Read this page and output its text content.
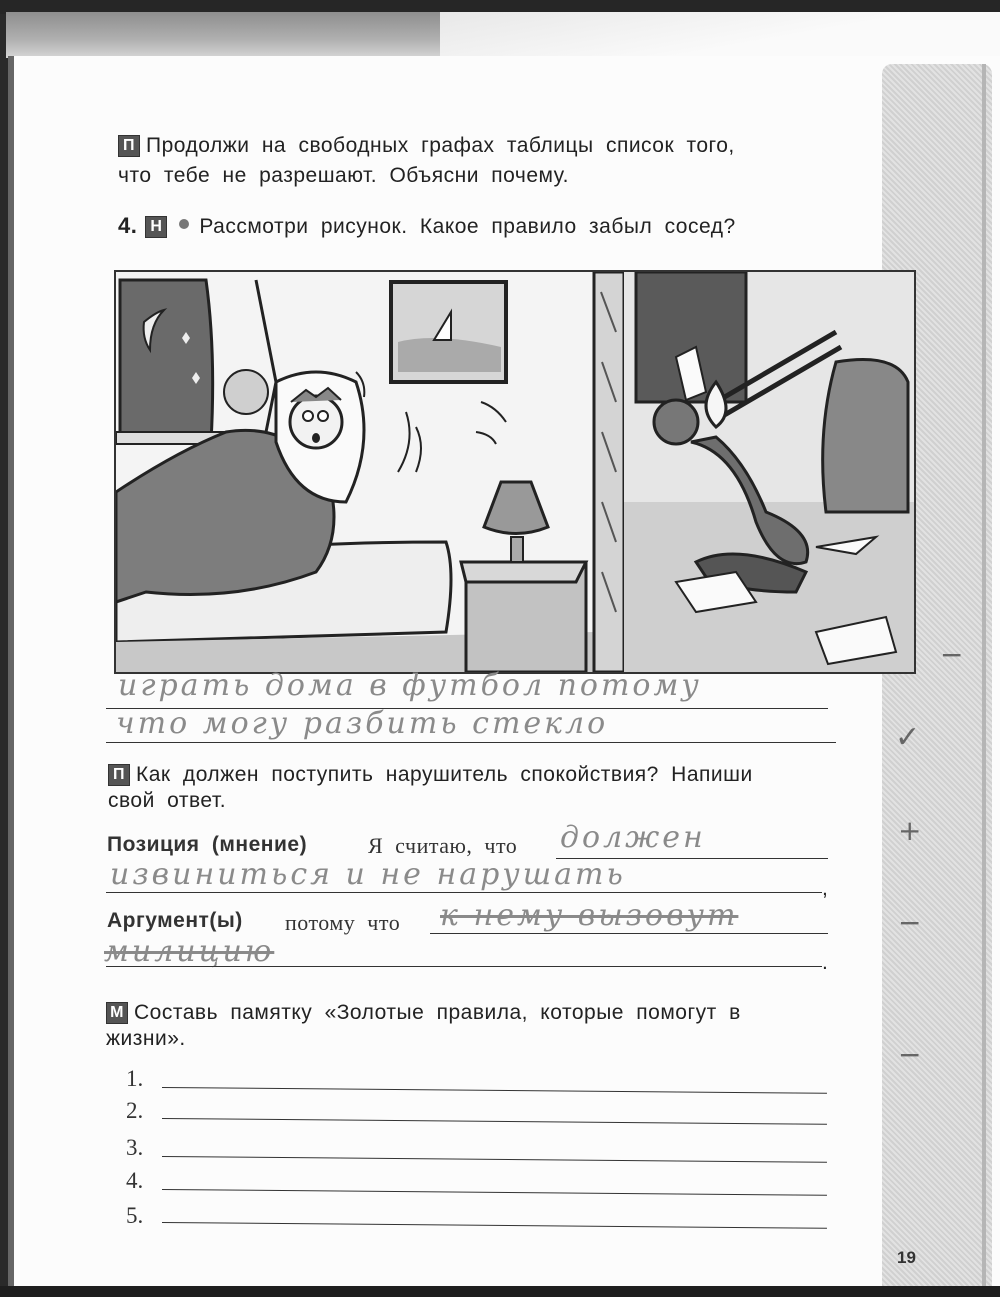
П Продолжи на свободных графах таблицы список того,
что тебе не разрешают. Объясни почему.
4. Н Рассмотри рисунок. Какое правило забыл сосед?
играть дома в футбол потому
что могу разбить стекло
П Как должен поступить нарушитель спокойствия? Напиши
свой ответ.
Позиция (мнение)	Я считаю, что должен
извиниться и не нарушать	,
Аргумент(ы) потому что к нему вызовут
милицию	.
М Составь памятку «Золотые правила, которые помогут в
жизни».
1.
2.
3.
4.
5.
−
✓
+
−
−
19
